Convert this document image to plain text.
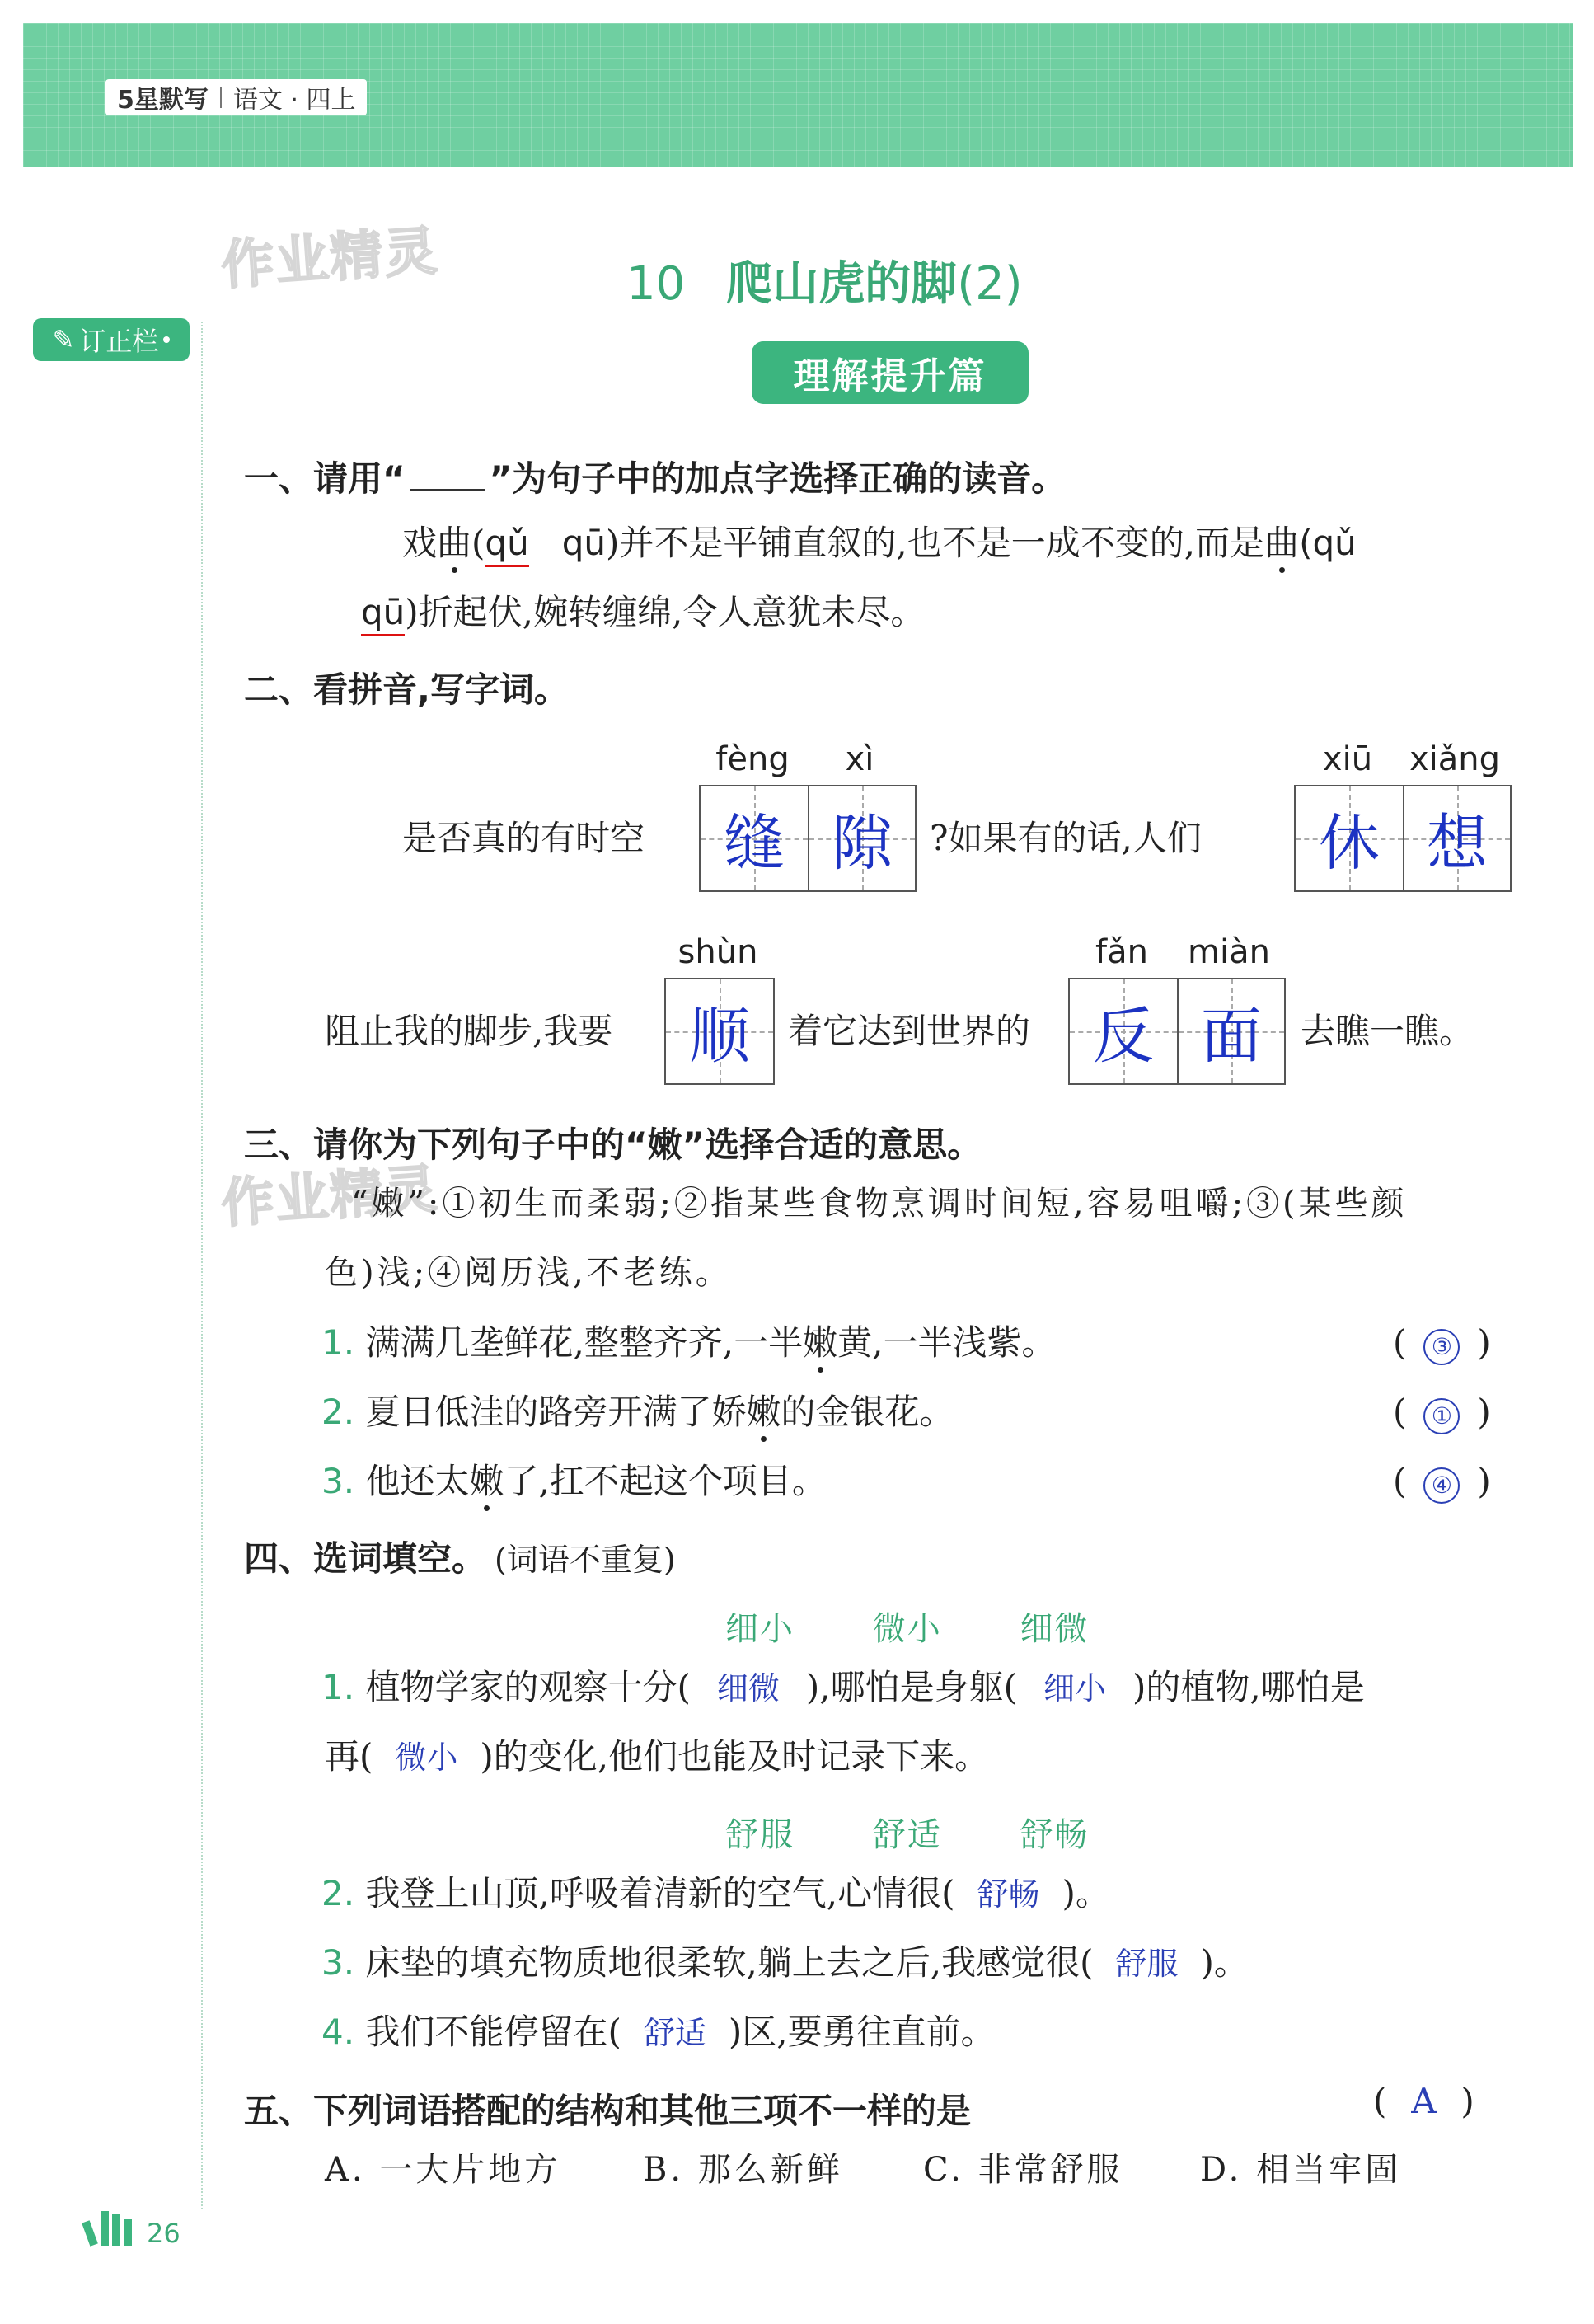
5星默写 语文 · 四上
✎ 订正栏
作业精灵
作业精灵
10 爬山虎的脚(2)
理解提升篇
一、请用“ ”为句子中的加点字选择正确的读音。
戏曲(qǔ qū)并不是平铺直叙的,也不是一成不变的,而是曲(qǔ
qū)折起伏,婉转缠绵,令人意犹未尽。
二、看拼音,写字词。
fèng	xì	xiū	xiǎng
是否真的有时空 缝 隙 ?如果有的话,人们 休 想
shùn	fǎn	miàn
阻止我的脚步,我要 顺 着它达到世界的 反 面 去瞧一瞧。
三、请你为下列句子中的“嫩”选择合适的意思。
“嫩”:①初生而柔弱;②指某些食物烹调时间短,容易咀嚼;③(某些颜
色)浅;④阅历浅,不老练。
1. 满满几垄鲜花,整整齐齐,一半嫩黄,一半浅紫。	( ③ )
2. 夏日低洼的路旁开满了娇嫩的金银花。	( ① )
3. 他还太嫩了,扛不起这个项目。	( ④ )
四、选词填空。 (词语不重复)
细小 微小 细微
1. 植物学家的观察十分( 细微 ),哪怕是身躯( 细小 )的植物,哪怕是
再( 微小 )的变化,他们也能及时记录下来。
舒服 舒适 舒畅
2. 我登上山顶,呼吸着清新的空气,心情很( 舒畅 )。
3. 床垫的填充物质地很柔软,躺上去之后,我感觉很( 舒服 )。
4. 我们不能停留在( 舒适 )区,要勇往直前。
五、下列词语搭配的结构和其他三项不一样的是	( A )
A. 一大片地方 B. 那么新鲜 C. 非常舒服 D. 相当牢固
26
